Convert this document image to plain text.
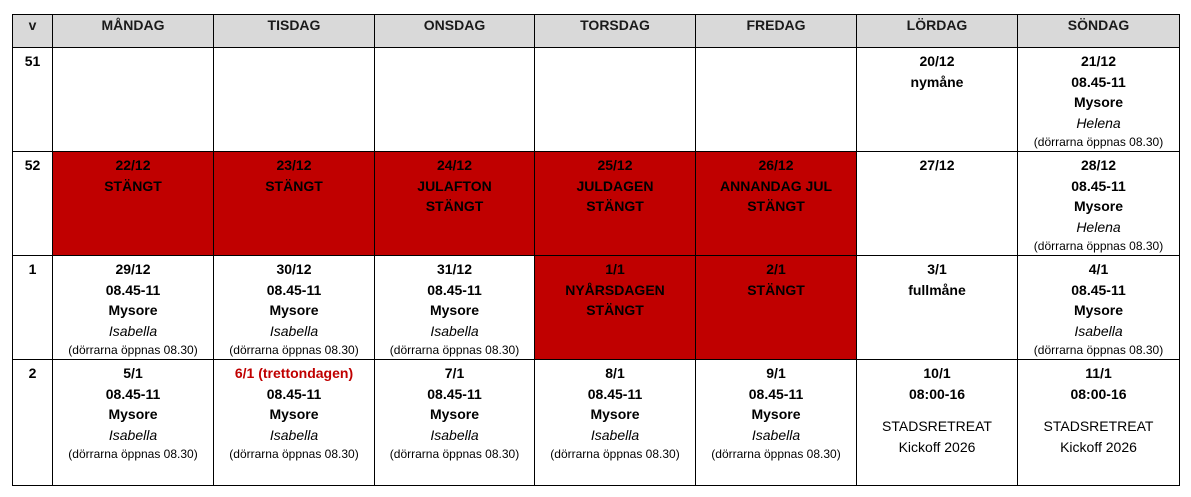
v	MÅNDAG	TISDAG	ONSDAG	TORSDAG	FREDAG	LÖRDAG	SÖNDAG
51						20/12
nymåne	21/12
08.45-11
Mysore
Helena
(dörrarna öppnas 08.30)

52	22/12
STÄNGT	23/12
STÄNGT	24/12
JULAFTON
STÄNGT	25/12
JULDAGEN
STÄNGT	26/12
ANNANDAG JUL
STÄNGT	27/12	28/12
08.45-11
Mysore
Helena
(dörrarna öppnas 08.30)

1	29/12
08.45-11
Mysore
Isabella
(dörrarna öppnas 08.30)	30/12
08.45-11
Mysore
Isabella
(dörrarna öppnas 08.30)	31/12
08.45-11
Mysore
Isabella
(dörrarna öppnas 08.30)	1/1
NYÅRSDAGEN
STÄNGT	2/1
STÄNGT	3/1
fullmåne	4/1
08.45-11
Mysore
Isabella
(dörrarna öppnas 08.30)

2	5/1
08.45-11
Mysore
Isabella
(dörrarna öppnas 08.30)	6/1 (trettondagen)
08.45-11
Mysore
Isabella
(dörrarna öppnas 08.30)	7/1
08.45-11
Mysore
Isabella
(dörrarna öppnas 08.30)	8/1
08.45-11
Mysore
Isabella
(dörrarna öppnas 08.30)	9/1
08.45-11
Mysore
Isabella
(dörrarna öppnas 08.30)	10/1
08:00-16
STADSRETREAT
Kickoff 2026	11/1
08:00-16
STADSRETREAT
Kickoff 2026
